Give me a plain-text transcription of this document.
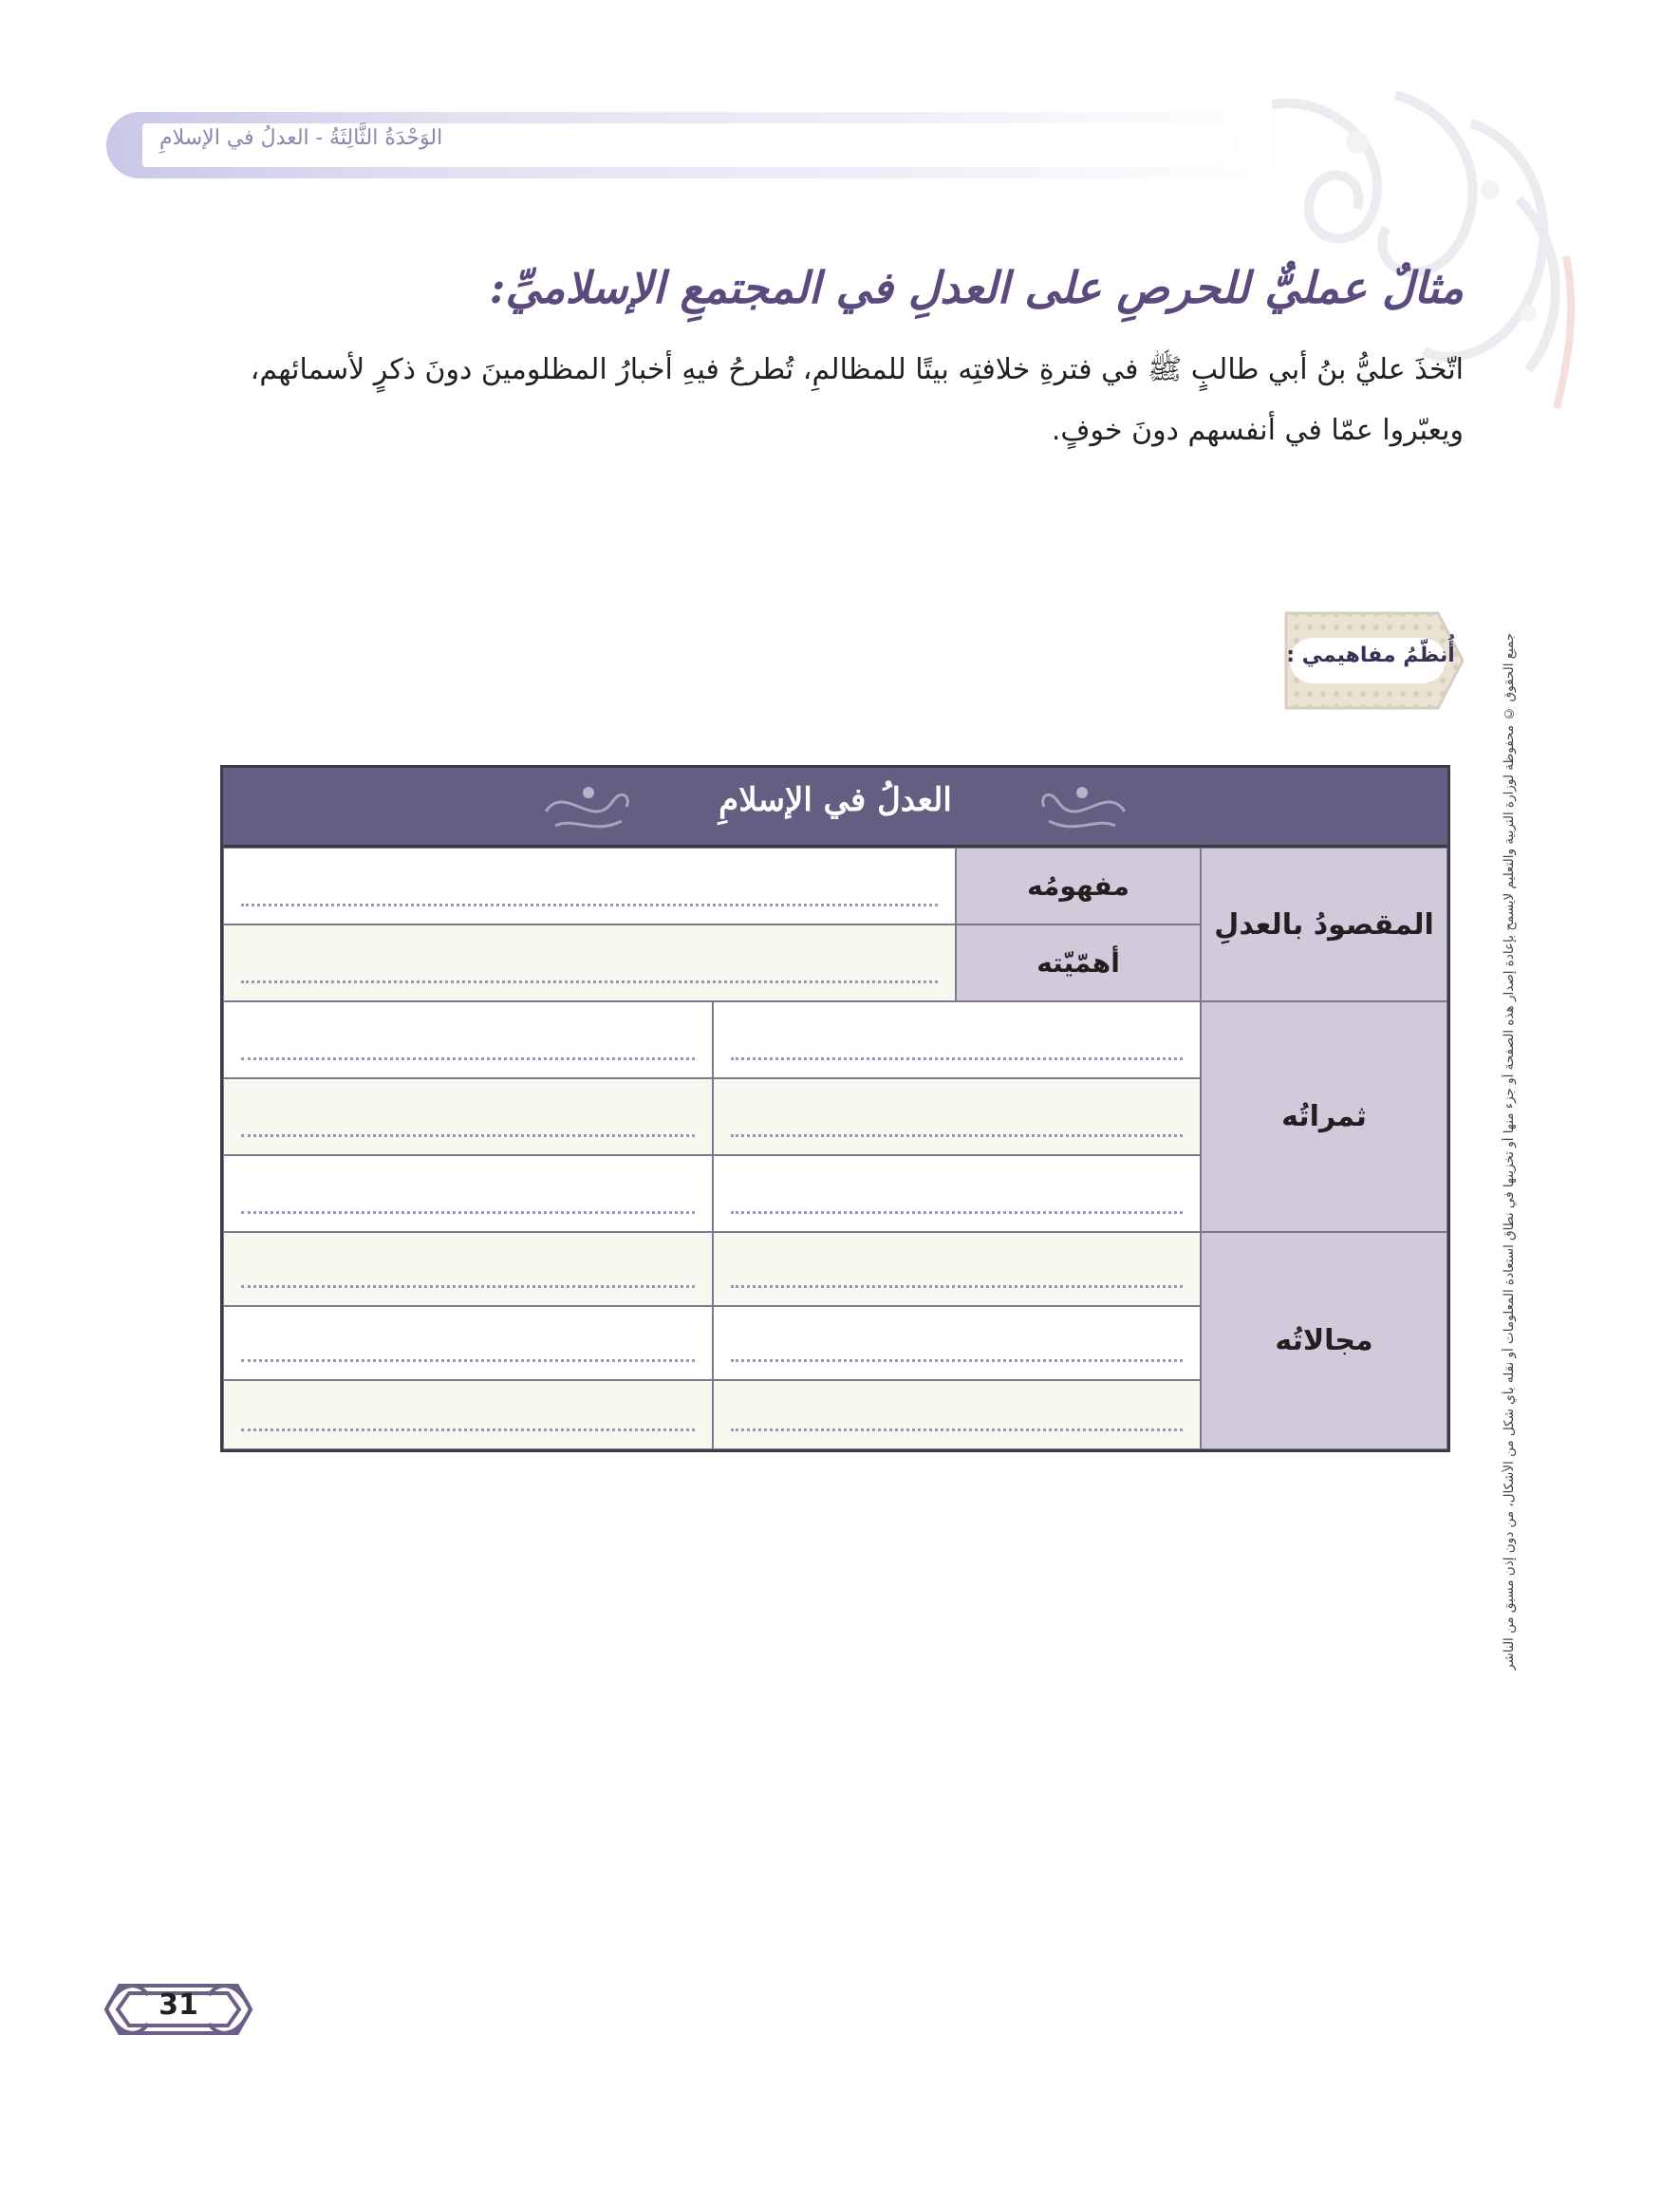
الوَحْدَةُ الثَّالِثَةُ - العدلُ في الإسلامِ
مثالٌ عمليٌّ للحرصِ على العدلِ في المجتمعِ الإسلاميِّ:
اتّخذَ عليُّ بنُ أبي طالبٍ ﷺ في فترةِ خلافتِه بيتًا للمظالمِ، تُطرحُ فيهِ أخبارُ المظلومينَ دونَ ذكرٍ لأسمائهم،
ويعبّروا عمّا في أنفسهم دونَ خوفٍ.
جميع الحقوق © محفوظة لوزارة التربية والتعليم لايسمح بإعادة إصدار هذه الصفحة أو جزء منها أو تخزينها في نطاق استعادة المعلومات أو نقله بأي شكل من الأشكال، من دون إذن مسبق من الناشر
أُنظّمُ مفاهيمي :
العدلُ في الإسلامِ
المقصودُ بالعدلِ
مفهومُه
أهمّيّته
ثمراتُه
مجالاتُه
31
